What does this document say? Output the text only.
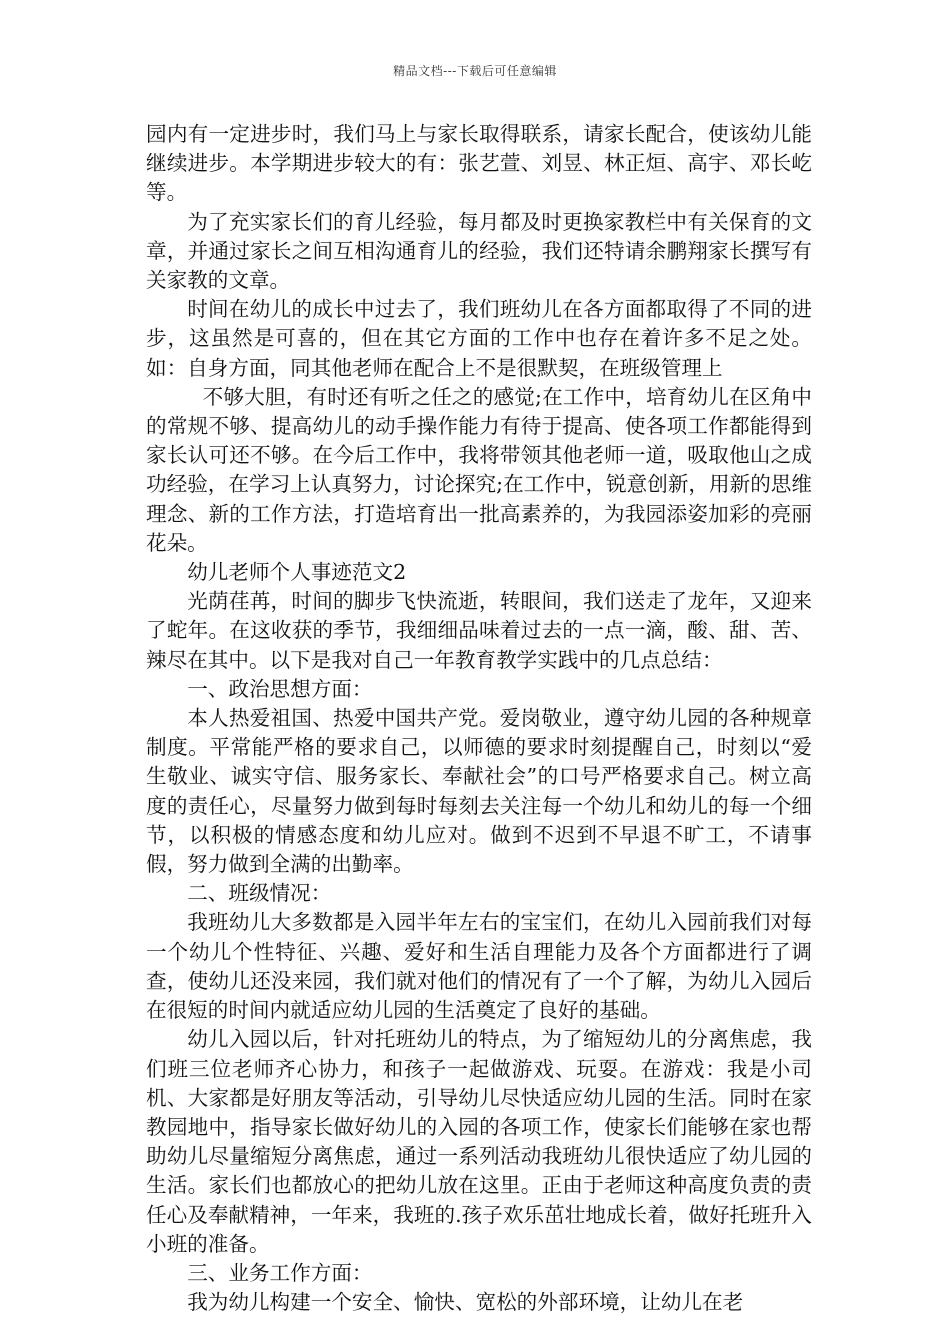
精品文档---下载后可任意编辑

园内有一定进步时，我们马上与家长取得联系，请家长配合，使该幼儿能继续进步。本学期进步较大的有：张艺萱、刘昱、林正烜、高宇、邓长屹等。

为了充实家长们的育儿经验，每月都及时更换家教栏中有关保育的文章，并通过家长之间互相沟通育儿的经验，我们还特请余鹏翔家长撰写有关家教的文章。

时间在幼儿的成长中过去了，我们班幼儿在各方面都取得了不同的进步，这虽然是可喜的，但在其它方面的工作中也存在着许多不足之处。如：自身方面，同其他老师在配合上不是很默契，在班级管理上

不够大胆，有时还有听之任之的感觉;在工作中，培育幼儿在区角中的常规不够、提高幼儿的动手操作能力有待于提高、使各项工作都能得到家长认可还不够。在今后工作中，我将带领其他老师一道，吸取他山之成功经验，在学习上认真努力，讨论探究;在工作中，锐意创新，用新的思维理念、新的工作方法，打造培育出一批高素养的，为我园添姿加彩的亮丽花朵。

幼儿老师个人事迹范文2

光荫荏苒，时间的脚步飞快流逝，转眼间，我们送走了龙年，又迎来了蛇年。在这收获的季节，我细细品味着过去的一点一滴，酸、甜、苦、辣尽在其中。以下是我对自己一年教育教学实践中的几点总结：

一、政治思想方面：

本人热爱祖国、热爱中国共产党。爱岗敬业，遵守幼儿园的各种规章制度。平常能严格的要求自己，以师德的要求时刻提醒自己，时刻以“爱生敬业、诚实守信、服务家长、奉献社会”的口号严格要求自己。树立高度的责任心，尽量努力做到每时每刻去关注每一个幼儿和幼儿的每一个细节，以积极的情感态度和幼儿应对。做到不迟到不早退不旷工，不请事假，努力做到全满的出勤率。

二、班级情况：

我班幼儿大多数都是入园半年左右的宝宝们，在幼儿入园前我们对每一个幼儿个性特征、兴趣、爱好和生活自理能力及各个方面都进行了调查，使幼儿还没来园，我们就对他们的情况有了一个了解，为幼儿入园后在很短的时间内就适应幼儿园的生活奠定了良好的基础。

幼儿入园以后，针对托班幼儿的特点，为了缩短幼儿的分离焦虑，我们班三位老师齐心协力，和孩子一起做游戏、玩耍。在游戏：我是小司机、大家都是好朋友等活动，引导幼儿尽快适应幼儿园的生活。同时在家教园地中，指导家长做好幼儿的入园的各项工作，使家长们能够在家也帮助幼儿尽量缩短分离焦虑，通过一系列活动我班幼儿很快适应了幼儿园的生活。家长们也都放心的把幼儿放在这里。正由于老师这种高度负责的责任心及奉献精神，一年来，我班的.孩子欢乐茁壮地成长着，做好托班升入小班的准备。

三、业务工作方面：

我为幼儿构建一个安全、愉快、宽松的外部环境，让幼儿在老
